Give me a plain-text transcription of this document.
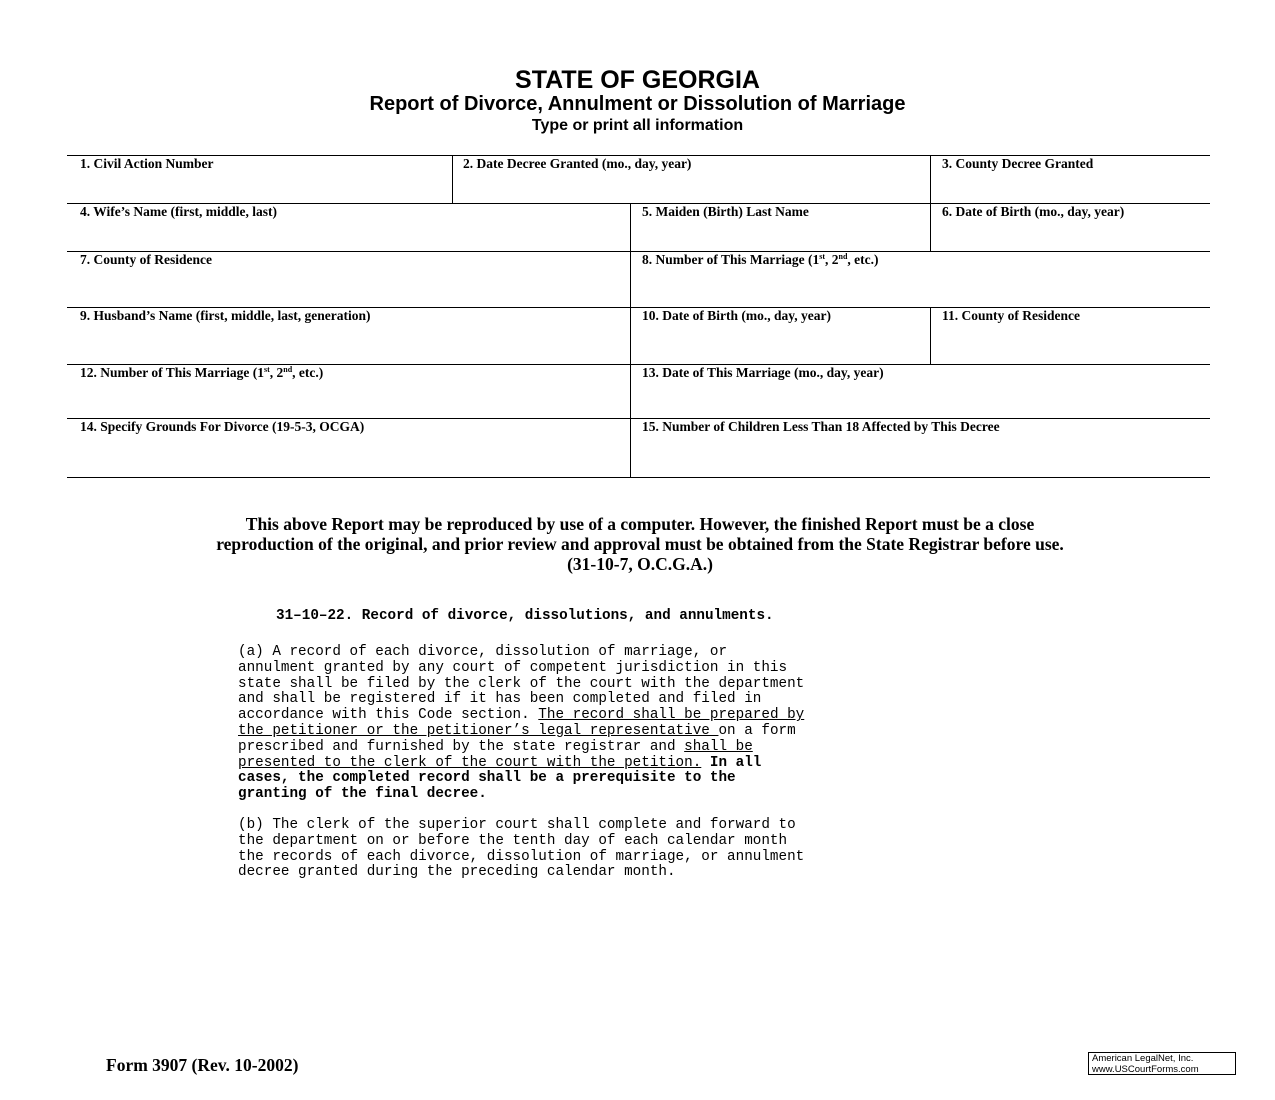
STATE OF GEORGIA
Report of Divorce, Annulment or Dissolution of Marriage
Type or print all information
1. Civil Action Number	2. Date Decree Granted (mo., day, year)	3. County Decree Granted
4. Wife’s Name (first, middle, last)	5. Maiden (Birth) Last Name	6. Date of Birth (mo., day, year)
7. County of Residence	8. Number of This Marriage (1st, 2nd, etc.)
9. Husband’s Name (first, middle, last, generation)	10. Date of Birth (mo., day, year)	11. County of Residence
12. Number of This Marriage (1st, 2nd, etc.)	13. Date of This Marriage (mo., day, year)
14. Specify Grounds For Divorce (19-5-3, OCGA)	15. Number of Children Less Than 18 Affected by This Decree
This above Report may be reproduced by use of a computer. However, the finished Report must be a close
reproduction of the original, and prior review and approval must be obtained from the State Registrar before use.
(31-10-7, O.C.G.A.)
31–10–22. Record of divorce, dissolutions, and annulments.
(a) A record of each divorce, dissolution of marriage, or
annulment granted by any court of competent jurisdiction in this
state shall be filed by the clerk of the court with the department
and shall be registered if it has been completed and filed in
accordance with this Code section. The record shall be prepared by
the petitioner or the petitioner’s legal representative on a form
prescribed and furnished by the state registrar and shall be
presented to the clerk of the court with the petition. In all
cases, the completed record shall be a prerequisite to the
granting of the final decree.
(b) The clerk of the superior court shall complete and forward to
the department on or before the tenth day of each calendar month
the records of each divorce, dissolution of marriage, or annulment
decree granted during the preceding calendar month.
Form 3907 (Rev. 10-2002)	American LegalNet, Inc.
www.USCourtForms.com
